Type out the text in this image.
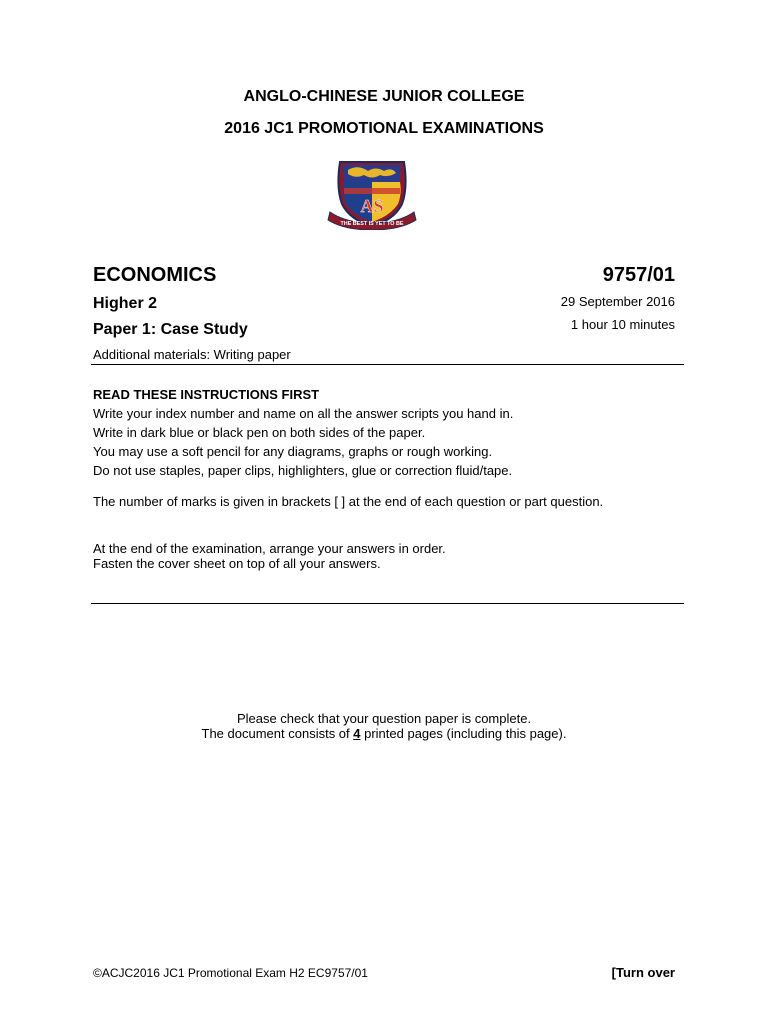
ANGLO-CHINESE JUNIOR COLLEGE
2016 JC1 PROMOTIONAL EXAMINATIONS
AS
THE BEST IS YET TO BE
ECONOMICS	9757/01
Higher 2
Paper 1: Case Study
29 September 2016
1 hour 10 minutes
Additional materials: Writing paper
READ THESE INSTRUCTIONS FIRST
Write your index number and name on all the answer scripts you hand in.
Write in dark blue or black pen on both sides of the paper.
You may use a soft pencil for any diagrams, graphs or rough working.
Do not use staples, paper clips, highlighters, glue or correction fluid/tape.
The number of marks is given in brackets [ ] at the end of each question or part question.
At the end of the examination, arrange your answers in order.
Fasten the cover sheet on top of all your answers.
Please check that your question paper is complete.
The document consists of 4 printed pages (including this page).
©ACJC2016 JC1 Promotional Exam H2 EC9757/01	[Turn over
